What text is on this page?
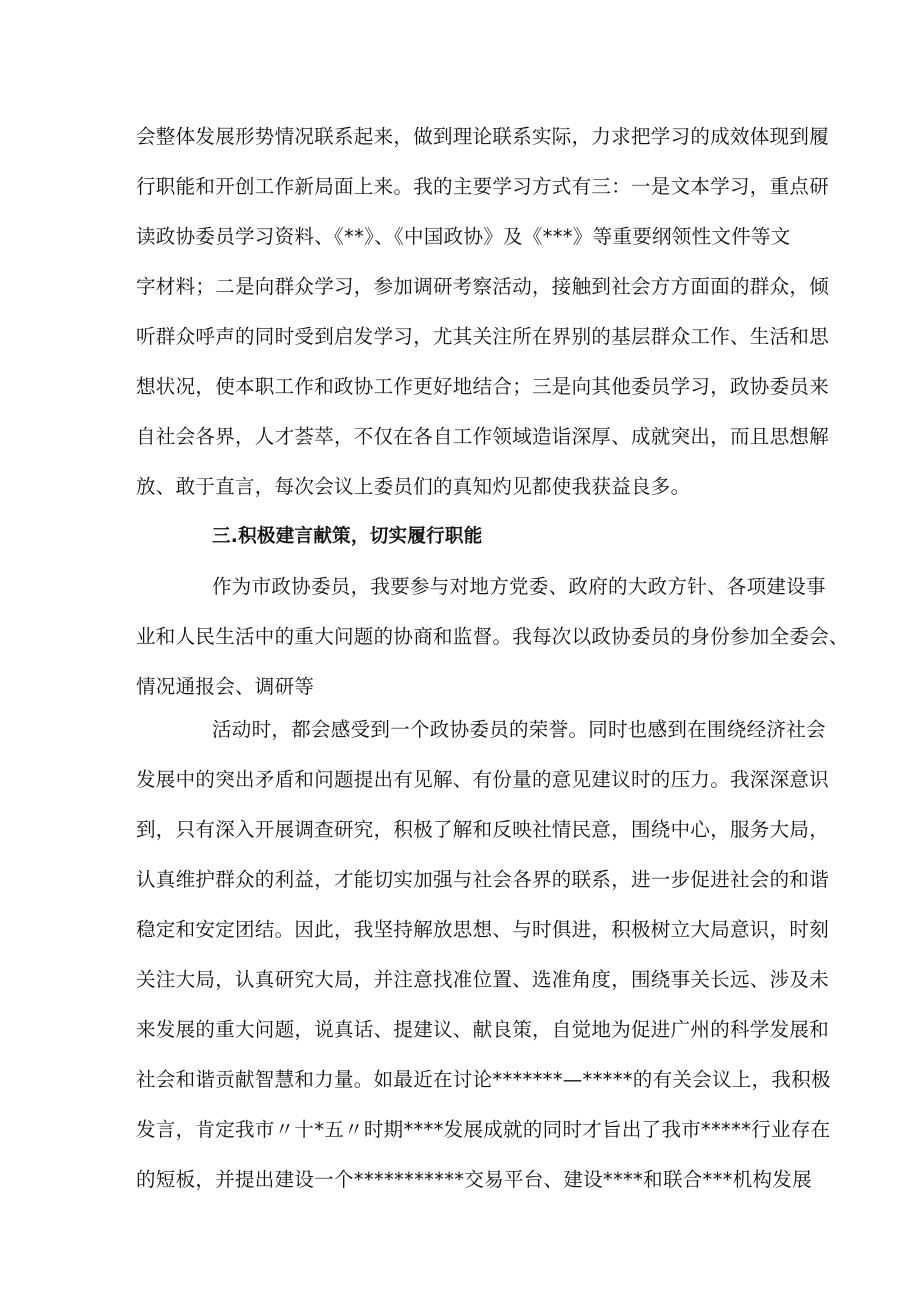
会整体发展形势情况联系起来，做到理论联系实际，力求把学习的成效体现到履
行职能和开创工作新局面上来。我的主要学习方式有三：一是文本学习，重点研
读政协委员学习资料、《**》、《中国政协》及《***》等重要纲领性文件等文
字材料；二是向群众学习，参加调研考察活动，接触到社会方方面面的群众，倾
听群众呼声的同时受到启发学习，尤其关注所在界别的基层群众工作、生活和思
想状况，使本职工作和政协工作更好地结合；三是向其他委员学习，政协委员来
自社会各界，人才荟萃，不仅在各自工作领域造诣深厚、成就突出，而且思想解
放、敢于直言，每次会议上委员们的真知灼见都使我获益良多。
三.积极建言献策，切实履行职能
作为市政协委员，我要参与对地方党委、政府的大政方针、各项建设事
业和人民生活中的重大问题的协商和监督。我每次以政协委员的身份参加全委会、
情况通报会、调研等
活动时，都会感受到一个政协委员的荣誉。同时也感到在围绕经济社会
发展中的突出矛盾和问题提出有见解、有份量的意见建议时的压力。我深深意识
到，只有深入开展调查研究，积极了解和反映社情民意，围绕中心，服务大局，
认真维护群众的利益，才能切实加强与社会各界的联系，进一步促进社会的和谐
稳定和安定团结。因此，我坚持解放思想、与时俱进，积极树立大局意识，时刻
关注大局，认真研究大局，并注意找准位置、选准角度，围绕事关长远、涉及未
来发展的重大问题，说真话、提建议、献良策，自觉地为促进广州的科学发展和
社会和谐贡献智慧和力量。如最近在讨论*******—*****的有关会议上，我积极
发言，肯定我市〃十*五〃时期****发展成就的同时才旨出了我市*****行业存在
的短板，并提出建设一个***********交易平台、建设****和联合***机构发展
